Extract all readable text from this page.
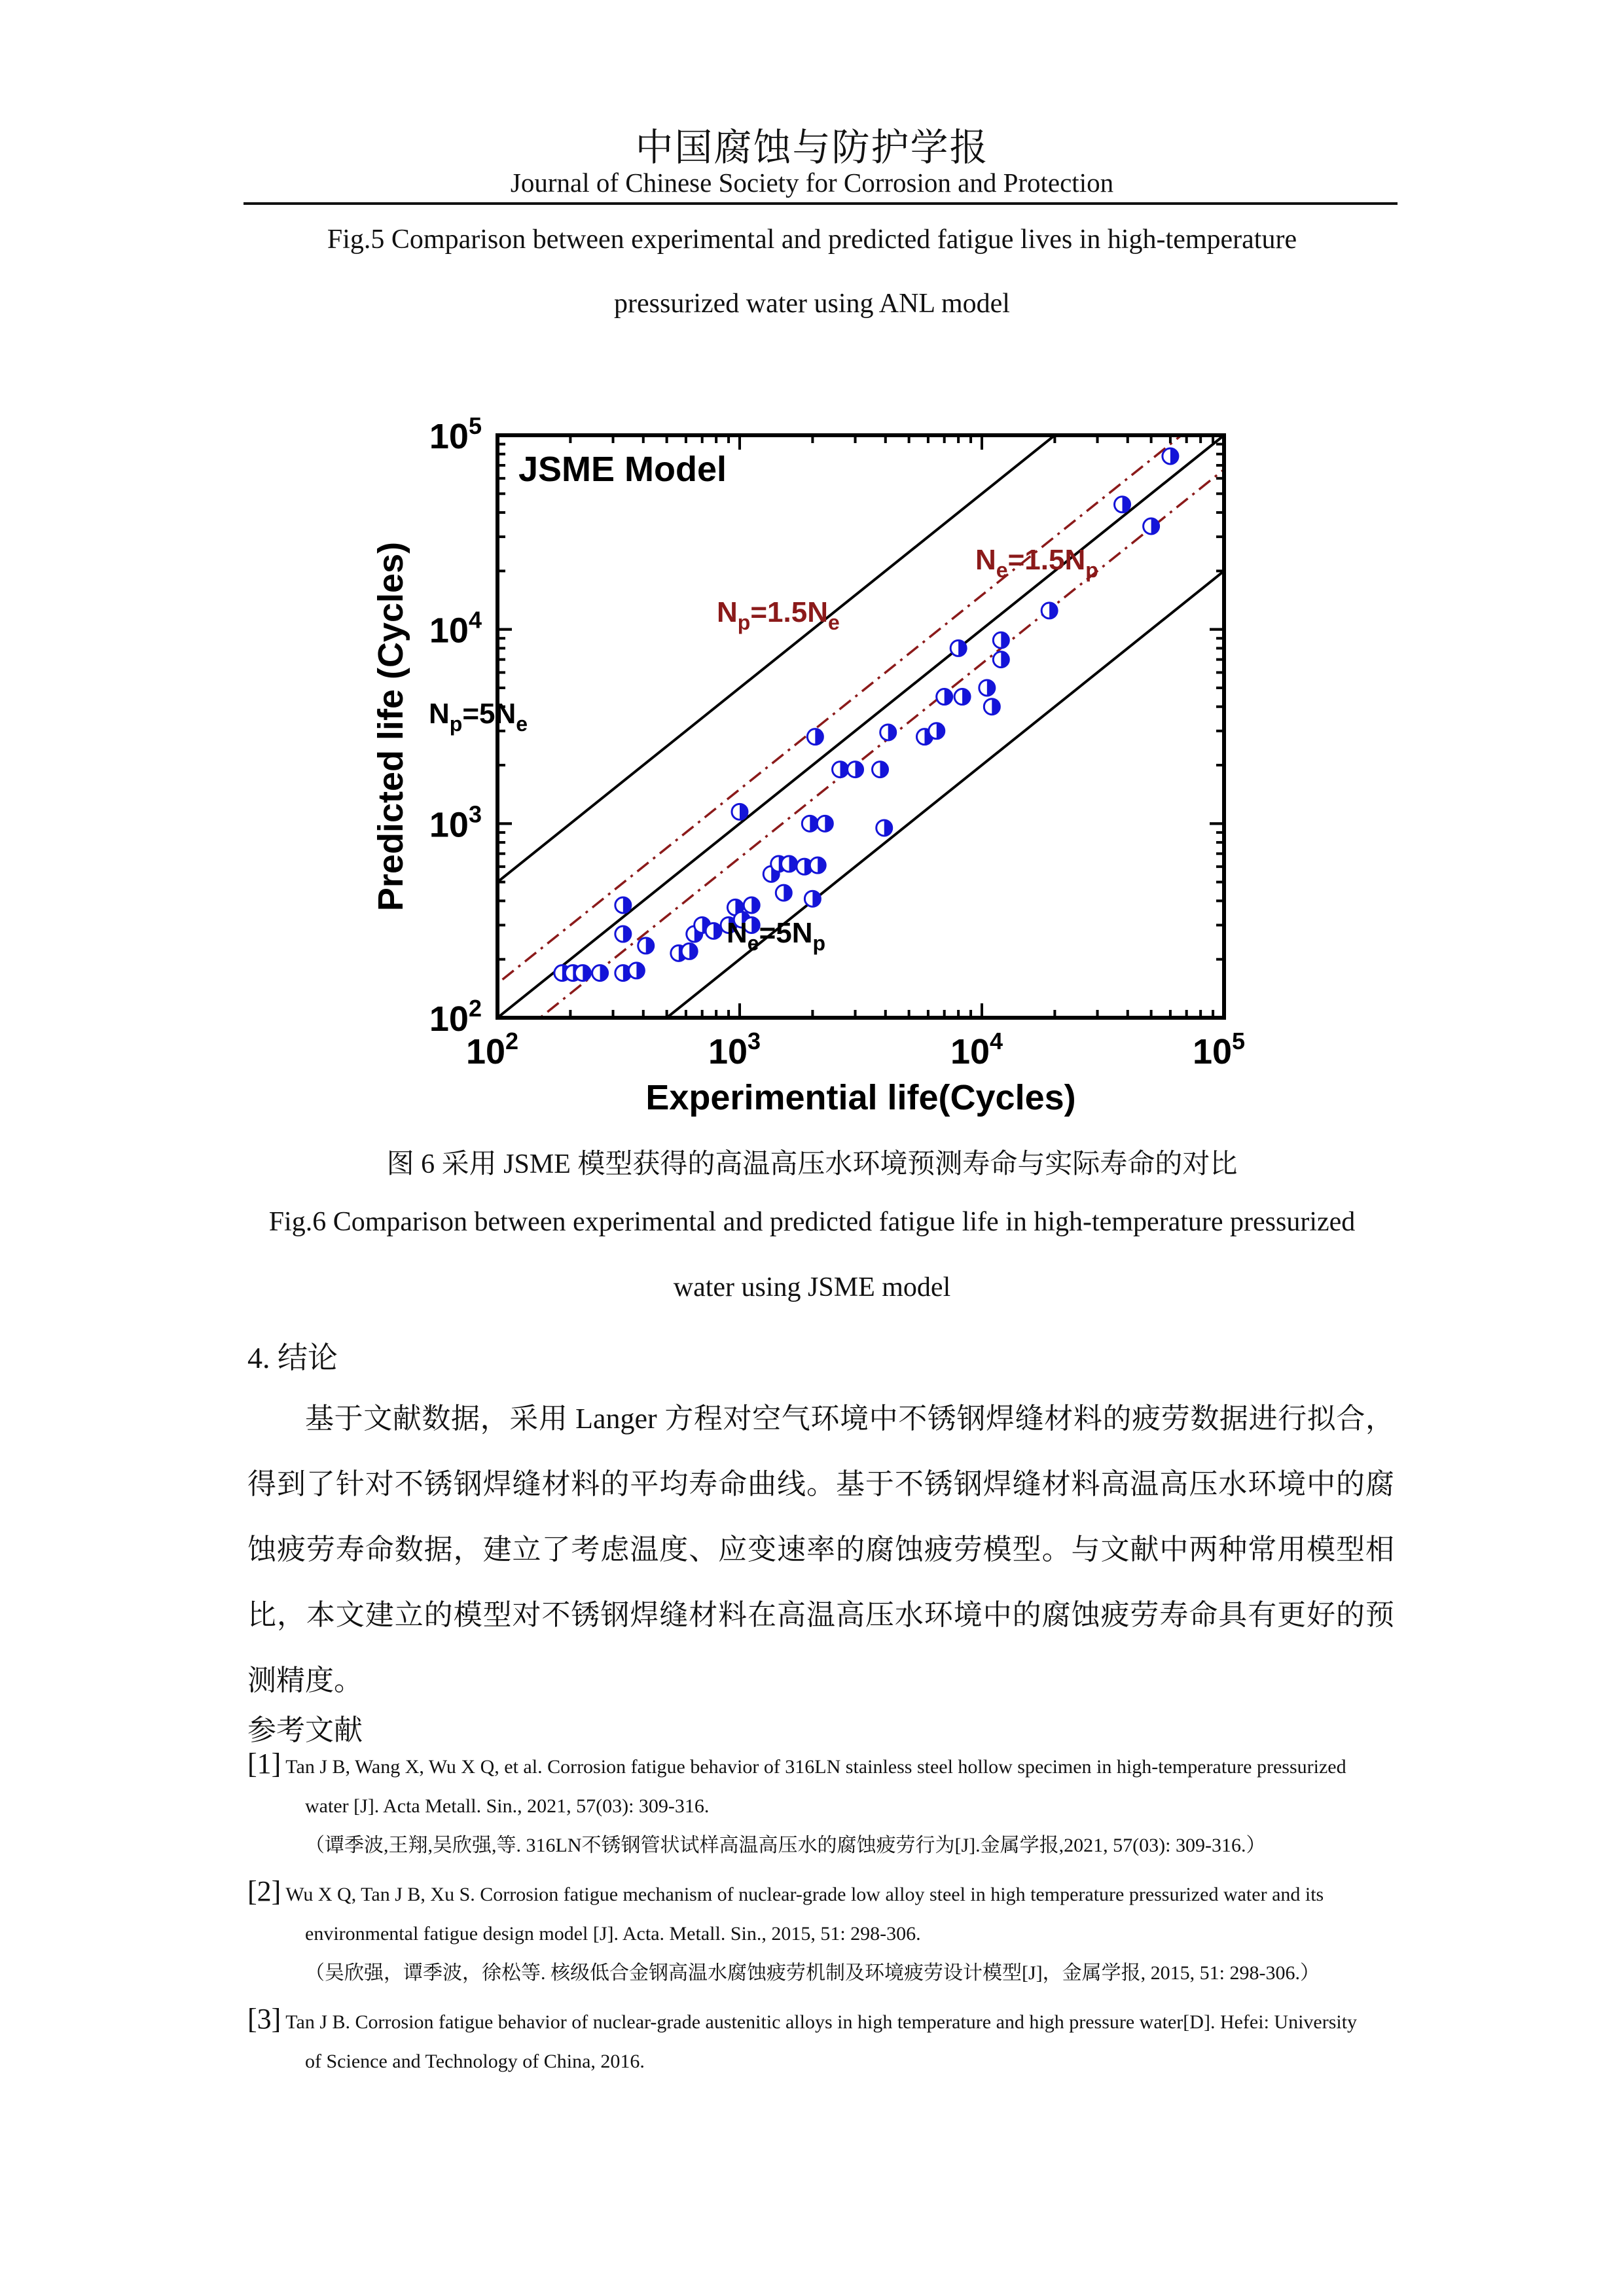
中国腐蚀与防护学报
Journal of Chinese Society for Corrosion and Protection
Fig.5 Comparison between experimental and predicted fatigue lives in high-temperature
pressurized water using ANL model
$10^2$	$10^3$	$10^4$	$10^5$
$10^2$
$10^3$
$10^4$
$10^5$
JSME Model
$N_p=5N_e$
$N_e=5N_p$
$N_p=1.5N_e$
$N_e=1.5N_p$
Experimential life(Cycles)
Predicted life (Cycles)
图 6 采用 JSME 模型获得的高温高压水环境预测寿命与实际寿命的对比
Fig.6 Comparison between experimental and predicted fatigue life in high-temperature pressurized
water using JSME model
4. 结论

基于文献数据，采用 Langer 方程对空气环境中不锈钢焊缝材料的疲劳数据进行拟合，得到了针对不锈钢焊缝材料的平均寿命曲线。基于不锈钢焊缝材料高温高压水环境中的腐蚀疲劳寿命数据，建立了考虑温度、应变速率的腐蚀疲劳模型。与文献中两种常用模型相比，本文建立的模型对不锈钢焊缝材料在高温高压水环境中的腐蚀疲劳寿命具有更好的预测精度。

参考文献
[1] Tan J B, Wang X, Wu X Q, et al. Corrosion fatigue behavior of 316LN stainless steel hollow specimen in high-temperature pressurized
water [J]. Acta Metall. Sin., 2021, 57(03): 309-316.
（谭季波,王翔,吴欣强,等. 316LN不锈钢管状试样高温高压水的腐蚀疲劳行为[J].金属学报,2021, 57(03): 309-316.）
[2] Wu X Q, Tan J B, Xu S. Corrosion fatigue mechanism of nuclear-grade low alloy steel in high temperature pressurized water and its
environmental fatigue design model [J]. Acta. Metall. Sin., 2015, 51: 298-306.
（吴欣强，谭季波，徐松等. 核级低合金钢高温水腐蚀疲劳机制及环境疲劳设计模型[J]，金属学报, 2015, 51: 298-306.）
[3] Tan J B. Corrosion fatigue behavior of nuclear-grade austenitic alloys in high temperature and high pressure water[D]. Hefei: University
of Science and Technology of China, 2016.
